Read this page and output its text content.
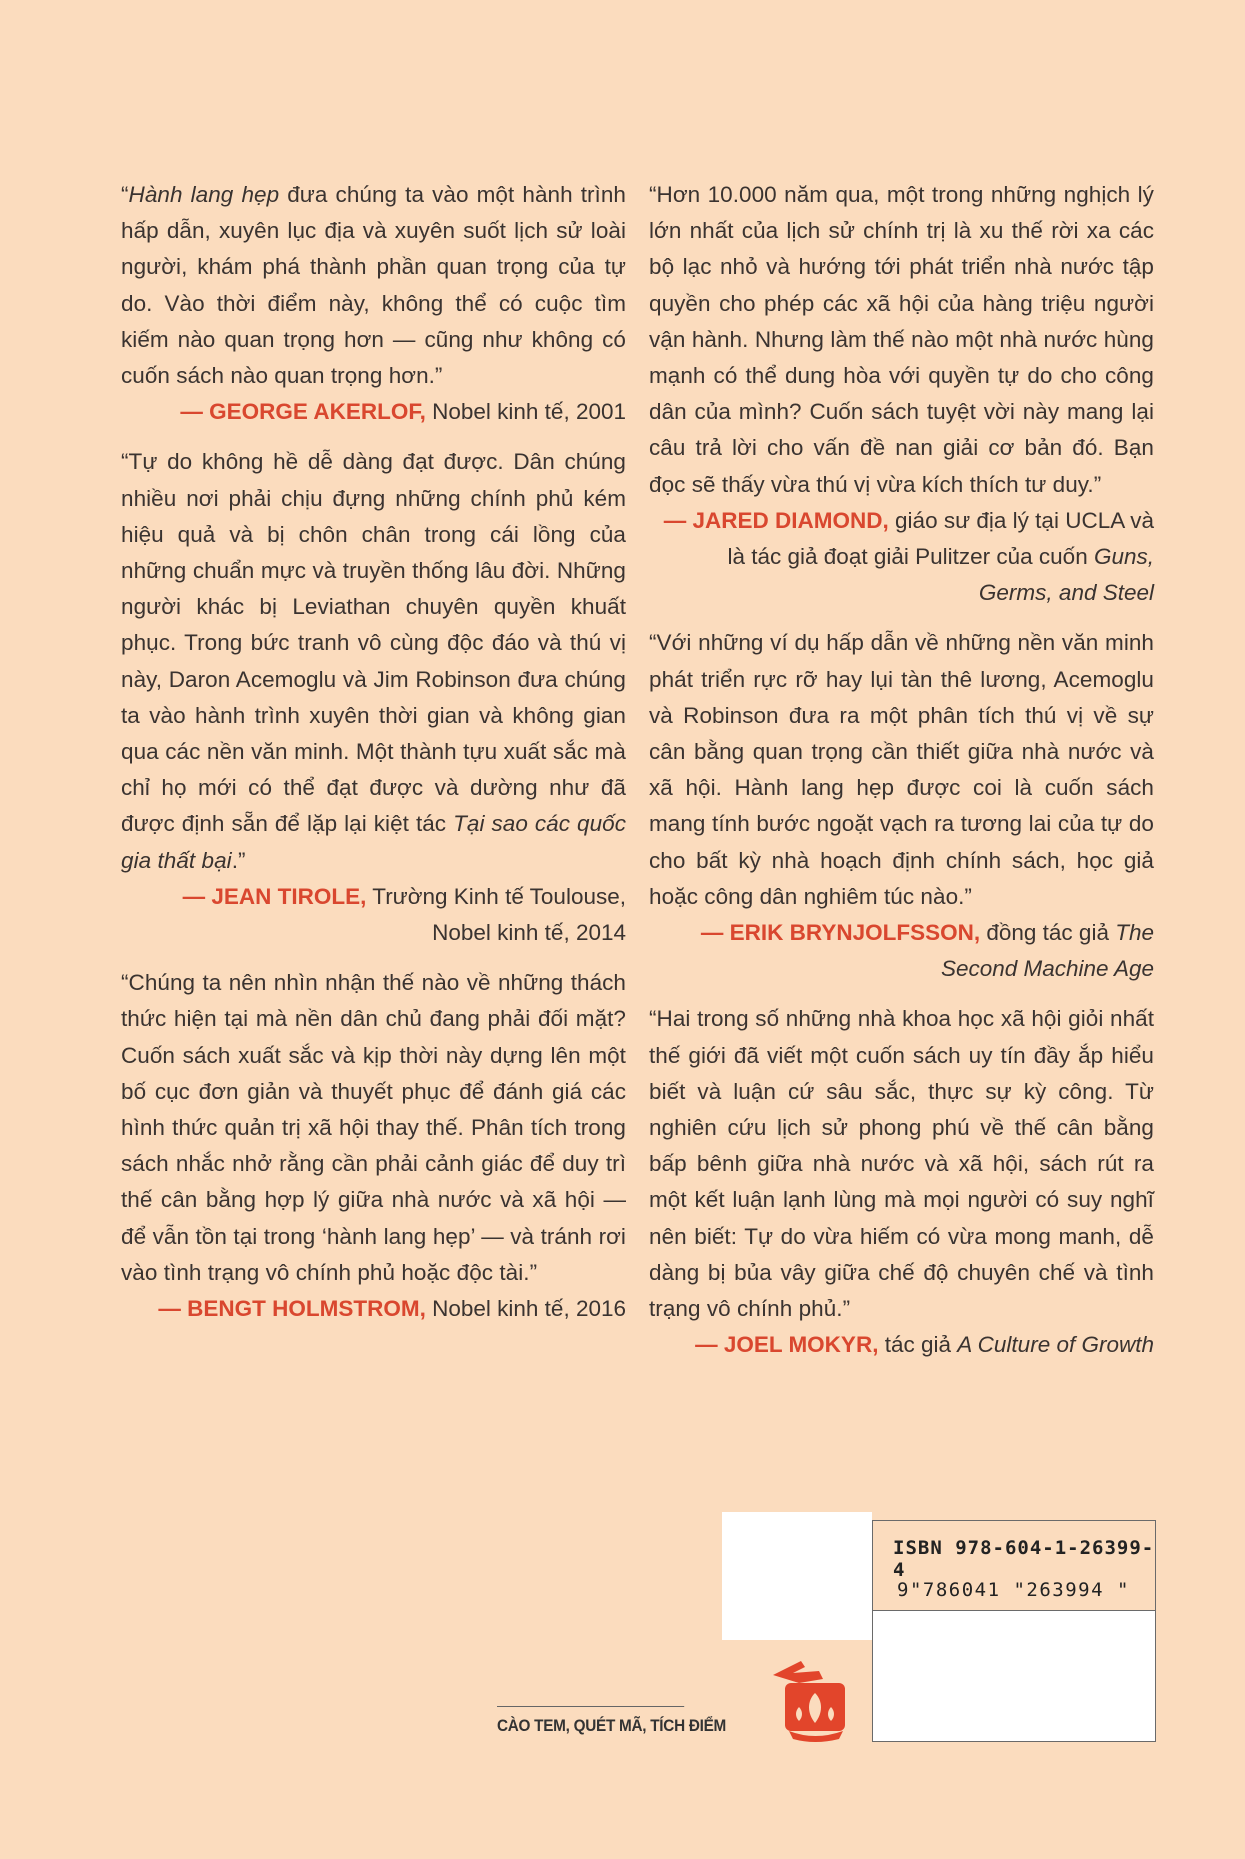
“Hành lang hẹp đưa chúng ta vào một hành trình hấp dẫn, xuyên lục địa và xuyên suốt lịch sử loài người, khám phá thành phần quan trọng của tự do. Vào thời điểm này, không thể có cuộc tìm kiếm nào quan trọng hơn — cũng như không có cuốn sách nào quan trọng hơn.”

— GEORGE AKERLOF, Nobel kinh tế, 2001

“Tự do không hề dễ dàng đạt được. Dân chúng nhiều nơi phải chịu đựng những chính phủ kém hiệu quả và bị chôn chân trong cái lồng của những chuẩn mực và truyền thống lâu đời. Những người khác bị Leviathan chuyên quyền khuất phục. Trong bức tranh vô cùng độc đáo và thú vị này, Daron Acemoglu và Jim Robinson đưa chúng ta vào hành trình xuyên thời gian và không gian qua các nền văn minh. Một thành tựu xuất sắc mà chỉ họ mới có thể đạt được và dường như đã được định sẵn để lặp lại kiệt tác Tại sao các quốc gia thất bại.”

— JEAN TIROLE, Trường Kinh tế Toulouse, Nobel kinh tế, 2014

“Chúng ta nên nhìn nhận thế nào về những thách thức hiện tại mà nền dân chủ đang phải đối mặt? Cuốn sách xuất sắc và kịp thời này dựng lên một bố cục đơn giản và thuyết phục để đánh giá các hình thức quản trị xã hội thay thế. Phân tích trong sách nhắc nhở rằng cần phải cảnh giác để duy trì thế cân bằng hợp lý giữa nhà nước và xã hội — để vẫn tồn tại trong ‘hành lang hẹp’ — và tránh rơi vào tình trạng vô chính phủ hoặc độc tài.”

— BENGT HOLMSTROM, Nobel kinh tế, 2016

“Hơn 10.000 năm qua, một trong những nghịch lý lớn nhất của lịch sử chính trị là xu thế rời xa các bộ lạc nhỏ và hướng tới phát triển nhà nước tập quyền cho phép các xã hội của hàng triệu người vận hành. Nhưng làm thế nào một nhà nước hùng mạnh có thể dung hòa với quyền tự do cho công dân của mình? Cuốn sách tuyệt vời này mang lại câu trả lời cho vấn đề nan giải cơ bản đó. Bạn đọc sẽ thấy vừa thú vị vừa kích thích tư duy.”

— JARED DIAMOND, giáo sư địa lý tại UCLA và là tác giả đoạt giải Pulitzer của cuốn Guns, Germs, and Steel

“Với những ví dụ hấp dẫn về những nền văn minh phát triển rực rỡ hay lụi tàn thê lương, Acemoglu và Robinson đưa ra một phân tích thú vị về sự cân bằng quan trọng cần thiết giữa nhà nước và xã hội. Hành lang hẹp được coi là cuốn sách mang tính bước ngoặt vạch ra tương lai của tự do cho bất kỳ nhà hoạch định chính sách, học giả hoặc công dân nghiêm túc nào.”

— ERIK BRYNJOLFSSON, đồng tác giả The Second Machine Age

“Hai trong số những nhà khoa học xã hội giỏi nhất thế giới đã viết một cuốn sách uy tín đầy ắp hiểu biết và luận cứ sâu sắc, thực sự kỳ công. Từ nghiên cứu lịch sử phong phú về thế cân bằng bấp bênh giữa nhà nước và xã hội, sách rút ra một kết luận lạnh lùng mà mọi người có suy nghĩ nên biết: Tự do vừa hiếm có vừa mong manh, dễ dàng bị bủa vây giữa chế độ chuyên chế và tình trạng vô chính phủ.”

— JOEL MOKYR, tác giả A Culture of Growth

ISBN 978-604-1-26399-4
9"786041 "263994 "
CÀO TEM, QUÉT MÃ, TÍCH ĐIỂM
